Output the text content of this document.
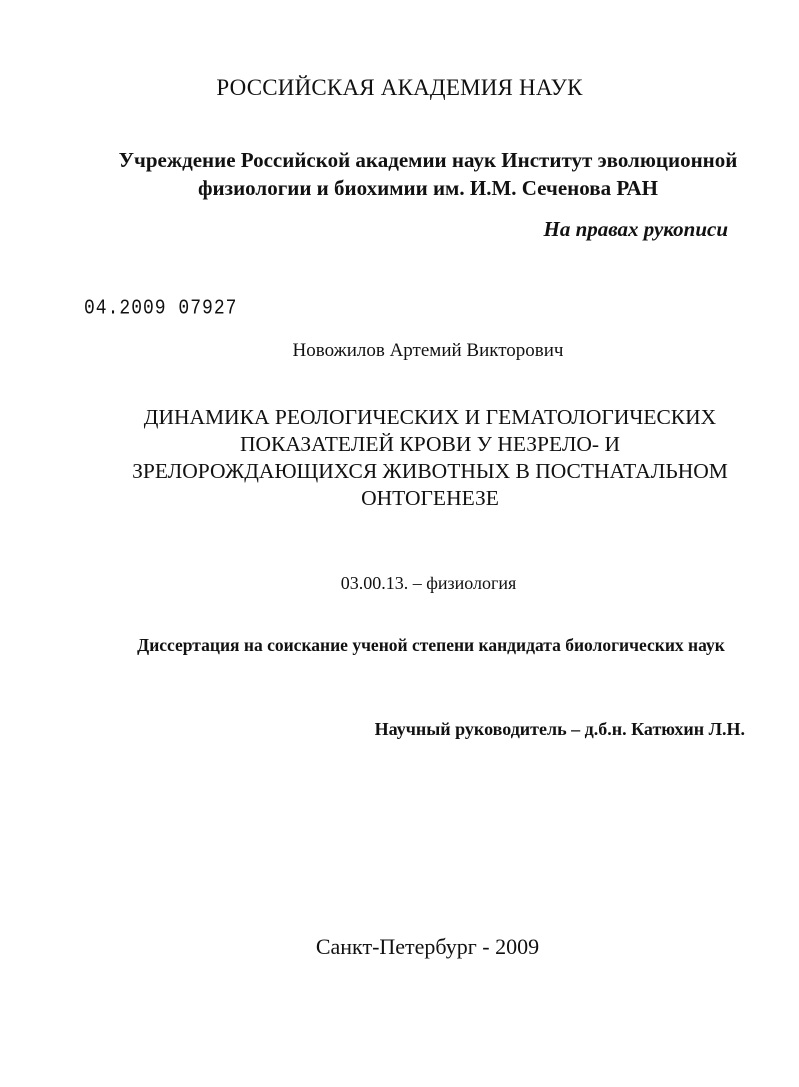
РОССИЙСКАЯ АКАДЕМИЯ НАУК
Учреждение Российской академии наук Институт эволюционной физиологии и биохимии им. И.М. Сеченова РАН
На правах рукописи
04.2009 07927
Новожилов Артемий Викторович
ДИНАМИКА РЕОЛОГИЧЕСКИХ И ГЕМАТОЛОГИЧЕСКИХ
ПОКАЗАТЕЛЕЙ КРОВИ У НЕЗРЕЛО- И
ЗРЕЛОРОЖДАЮЩИХСЯ ЖИВОТНЫХ В ПОСТНАТАЛЬНОМ
ОНТОГЕНЕЗЕ
03.00.13. – физиология
Диссертация на соискание ученой степени кандидата биологических наук
Научный руководитель – д.б.н. Катюхин Л.Н.
Санкт-Петербург - 2009
